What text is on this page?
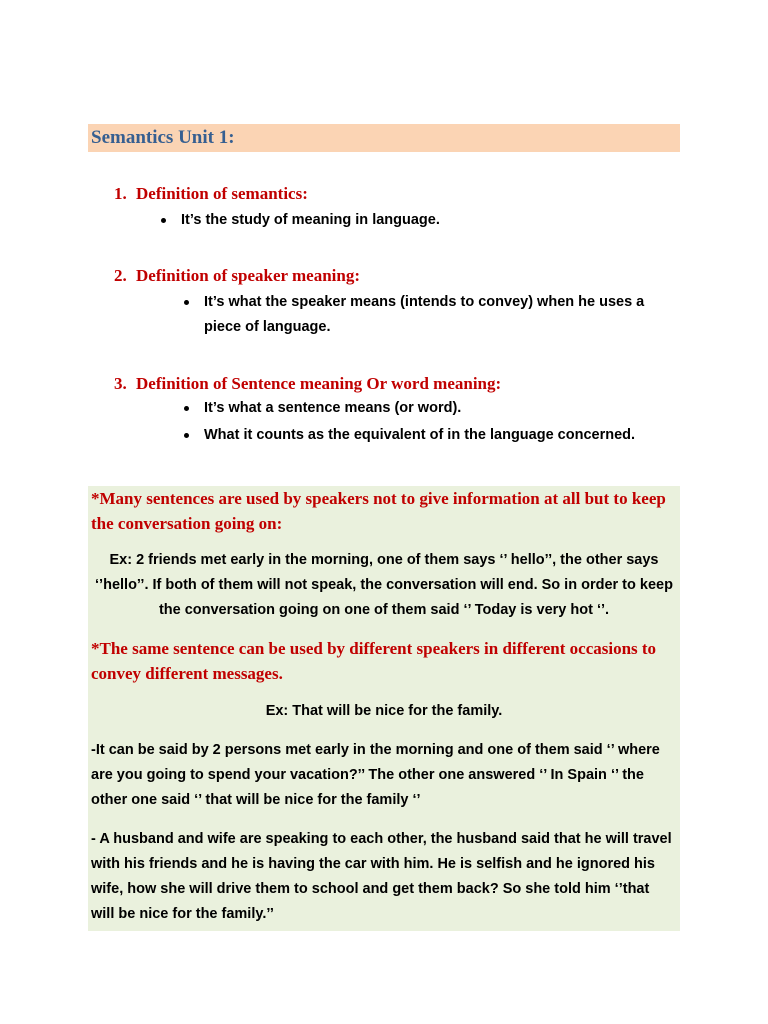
Semantics Unit 1:
1. Definition of semantics:
It’s the study of meaning in language.
2. Definition of speaker meaning:
It’s what the speaker means (intends to convey) when he uses a piece of language.
3. Definition of Sentence meaning Or word meaning:
It’s what a sentence means (or word).
What it counts as the equivalent of in the language concerned.
*Many sentences are used by speakers not to give information at all but to keep the conversation going on:
Ex: 2 friends met early in the morning, one of them says ‘’ hello’’, the other says ‘’hello’’. If both of them will not speak, the conversation will end. So in order to keep the conversation going on one of them said ‘’ Today is very hot ‘’.
*The same sentence can be used by different speakers in different occasions to convey different messages.
Ex: That will be nice for the family.
-It can be said by 2 persons met early in the morning and one of them said ‘’ where are you going to spend your vacation?’’ The other one answered ‘’ In Spain ‘’ the other one said ‘’ that will be nice for the family ‘’
- A husband and wife are speaking to each other, the husband said that he will travel with his friends and he is having the car with him. He is selfish and he ignored his wife, how she will drive them to school and get them back? So she told him ‘’that will be nice for the family.’’
